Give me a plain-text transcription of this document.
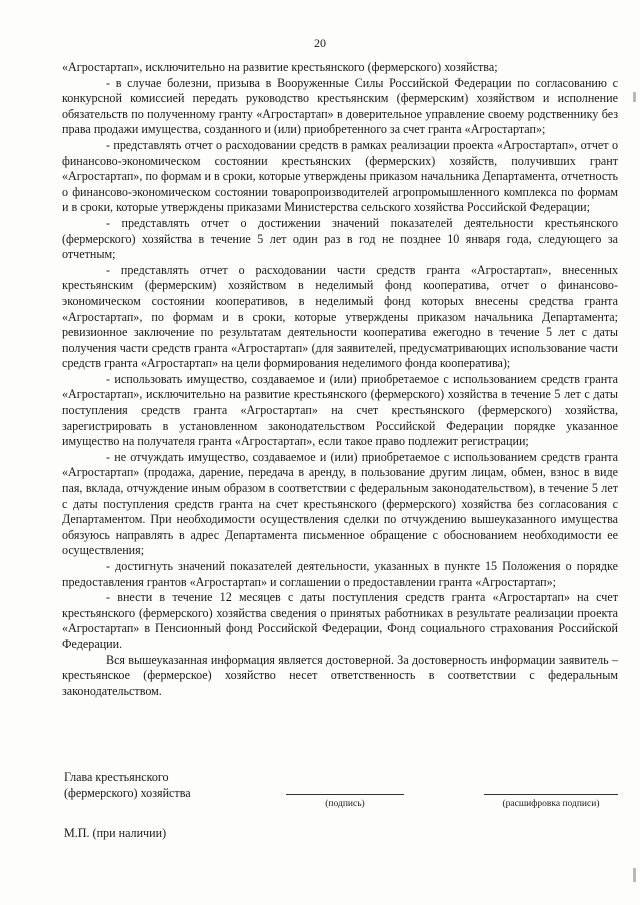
20

«Агростартап», исключительно на развитие крестьянского (фермерского) хозяйства;

- в случае болезни, призыва в Вооруженные Силы Российской Федерации по согласованию с конкурсной комиссией передать руководство крестьянским (фермерским) хозяйством и исполнение обязательств по полученному гранту «Агростартап» в доверительное управление своему родственнику без права продажи имущества, созданного и (или) приобретенного за счет гранта «Агростартап»;

- представлять отчет о расходовании средств в рамках реализации проекта «Агростартап», отчет о финансово-экономическом состоянии крестьянских (фермерских) хозяйств, получивших грант «Агростартап», по формам и в сроки, которые утверждены приказом начальника Департамента, отчетность о финансово-экономическом состоянии товаропроизводителей агропромышленного комплекса по формам и в сроки, которые утверждены приказами Министерства сельского хозяйства Российской Федерации;

- представлять отчет о достижении значений показателей деятельности крестьянского (фермерского) хозяйства в течение 5 лет один раз в год не позднее 10 января года, следующего за отчетным;

- представлять отчет о расходовании части средств гранта «Агростартап», внесенных крестьянским (фермерским) хозяйством в неделимый фонд кооператива, отчет о финансово-экономическом состоянии кооперативов, в неделимый фонд которых внесены средства гранта «Агростартап», по формам и в сроки, которые утверждены приказом начальника Департамента; ревизионное заключение по результатам деятельности кооператива ежегодно в течение 5 лет с даты получения части средств гранта «Агростартап» (для заявителей, предусматривающих использование части средств гранта «Агростартап» на цели формирования неделимого фонда кооператива);

- использовать имущество, создаваемое и (или) приобретаемое с использованием средств гранта «Агростартап», исключительно на развитие крестьянского (фермерского) хозяйства в течение 5 лет с даты поступления средств гранта «Агростартап» на счет крестьянского (фермерского) хозяйства, зарегистрировать в установленном законодательством Российской Федерации порядке указанное имущество на получателя гранта «Агростартап», если такое право подлежит регистрации;

- не отчуждать имущество, создаваемое и (или) приобретаемое с использованием средств гранта «Агростартап» (продажа, дарение, передача в аренду, в пользование другим лицам, обмен, взнос в виде пая, вклада, отчуждение иным образом в соответствии с федеральным законодательством), в течение 5 лет с даты поступления средств гранта на счет крестьянского (фермерского) хозяйства без согласования с Департаментом. При необходимости осуществления сделки по отчуждению вышеуказанного имущества обязуюсь направлять в адрес Департамента письменное обращение с обоснованием необходимости ее осуществления;

- достигнуть значений показателей деятельности, указанных в пункте 15 Положения о порядке предоставления грантов «Агростартап» и соглашении о предоставлении гранта «Агростартап»;

- внести в течение 12 месяцев с даты поступления средств гранта «Агростартап» на счет крестьянского (фермерского) хозяйства сведения о принятых работниках в результате реализации проекта «Агростартап» в Пенсионный фонд Российской Федерации, Фонд социального страхования Российской Федерации.

Вся вышеуказанная информация является достоверной. За достоверность информации заявитель – крестьянское (фермерское) хозяйство несет ответственность в соответствии с федеральным законодательством.

Глава крестьянского
(фермерского) хозяйства
(подпись)	(расшифровка подписи)
М.П. (при наличии)
